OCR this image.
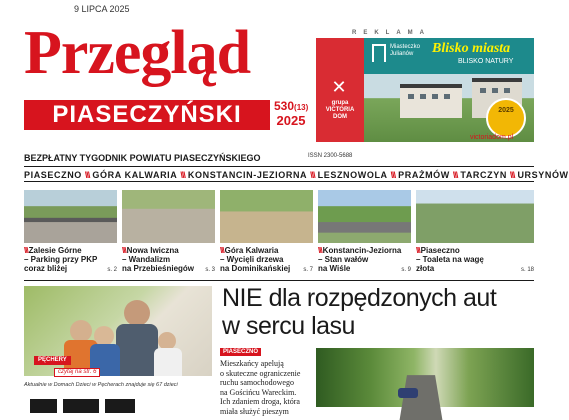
9 LIPCA 2025
Przegląd
PIASECZYŃSKI	530(13)
2025
REKLAMA
✕
grupa
VICTORIA DOM
Miasteczko Julianów	Blisko miasta
BLISKO NATURY
2025
victoriadom.pl
BEZPŁATNY TYGODNIK POWIATU PIASECZYŃSKIEGO	ISSN 2300-5688
PIASECZNO \\\ GÓRA KALWARIA \\\ KONSTANCIN-JEZIORNA \\\ LESZNOWOLA \\\ PRAŻMÓW \\\ TARCZYN \\\ URSYNÓW
\\\Zalesie Górne
– Parking przy PKP
coraz bliżej	s. 2
\\\Nowa Iwiczna
– Wandalizm
na Przebieśniegów	s. 3
\\\Góra Kalwaria
– Wycięli drzewa
na Dominikańskiej	s. 7
\\\Konstancin-Jeziorna
– Stan wałów
na Wiśle	s. 9
\\\Piaseczno
– Toaleta na wagę
złota	s. 18
PĘCHERY
czytaj na str. 6
Aktualnie w Domach Dzieci w Pęcherach znajduje się 67 dzieci
NIE dla rozpędzonych aut
w sercu lasu
PIASECZNO
Mieszkańcy apelują
o skuteczne ograniczenie
ruchu samochodowego
na Gościńcu Wareckim.
Ich zdaniem droga, która
miała służyć pieszym
